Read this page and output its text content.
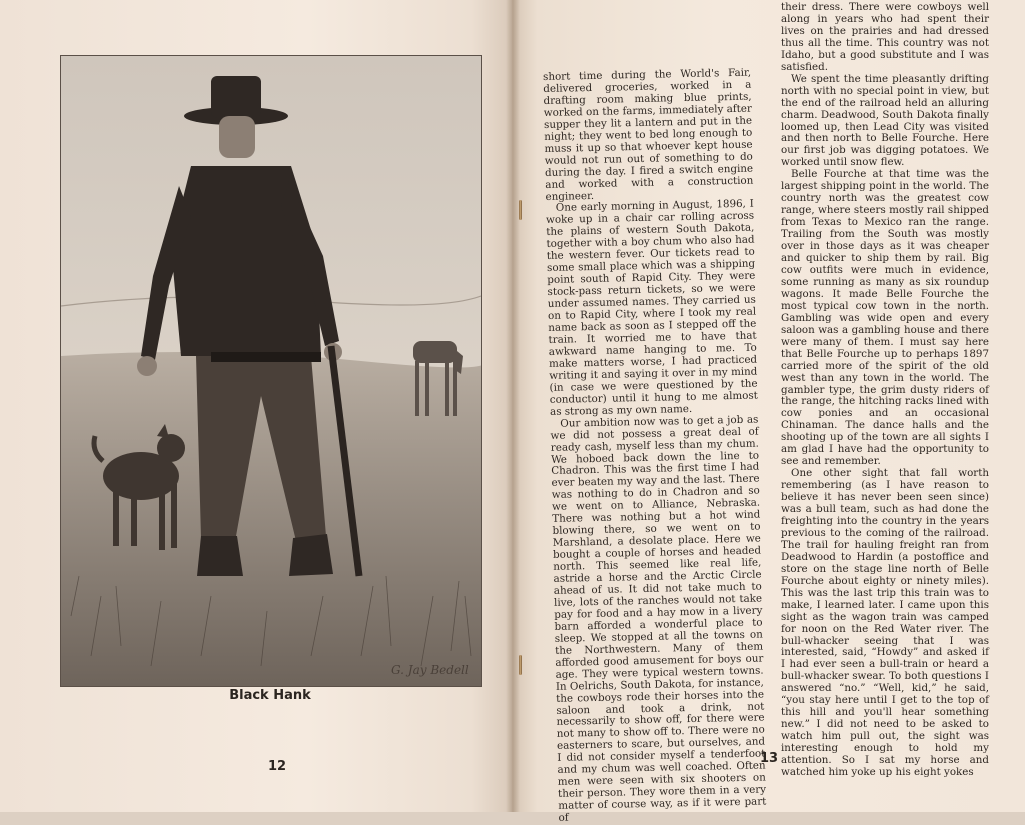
G. Jay Bedell
Black Hank
12

short time during the World's Fair, delivered groceries, worked in a drafting room making blue prints, worked on the farms, immediately after supper they lit a lantern and put in the night; they went to bed long enough to muss it up so that whoever kept house would not run out of something to do during the day. I fired a switch engine and worked with a construction engineer.

One early morning in August, 1896, I woke up in a chair car rolling across the plains of western South Dakota, together with a boy chum who also had the western fever. Our tickets read to some small place which was a shipping point south of Rapid City. They were stock-pass return tickets, so we were under assumed names. They carried us on to Rapid City, where I took my real name back as soon as I stepped off the train. It worried me to have that awkward name hanging to me. To make matters worse, I had practiced writing it and saying it over in my mind (in case we were questioned by the conductor) until it hung to me almost as strong as my own name.

Our ambition now was to get a job as we did not possess a great deal of ready cash, myself less than my chum. We hoboed back down the line to Chadron. This was the first time I had ever beaten my way and the last. There was nothing to do in Chadron and so we went on to Alliance, Nebraska. There was nothing but a hot wind blowing there, so we went on to Marshland, a desolate place. Here we bought a couple of horses and headed north. This seemed like real life, astride a horse and the Arctic Circle ahead of us. It did not take much to live, lots of the ranches would not take pay for food and a hay mow in a livery barn afforded a wonderful place to sleep. We stopped at all the towns on the Northwestern. Many of them afforded good amusement for boys our age. They were typical western towns. In Oelrichs, South Dakota, for instance, the cowboys rode their horses into the saloon and took a drink, not necessarily to show off, for there were not many to show off to. There were no easterners to scare, but ourselves, and I did not consider myself a tenderfoot and my chum was well coached. Often men were seen with six shooters on their person. They wore them in a very matter of course way, as if it were part of

their dress. There were cowboys well along in years who had spent their lives on the prairies and had dressed thus all the time. This country was not Idaho, but a good substitute and I was satisfied.

We spent the time pleasantly drifting north with no special point in view, but the end of the railroad held an alluring charm. Deadwood, South Dakota finally loomed up, then Lead City was visited and then north to Belle Fourche. Here our first job was digging potatoes. We worked until snow flew.

Belle Fourche at that time was the largest shipping point in the world. The country north was the greatest cow range, where steers mostly rail shipped from Texas to Mexico ran the range. Trailing from the South was mostly over in those days as it was cheaper and quicker to ship them by rail. Big cow outfits were much in evidence, some running as many as six roundup wagons. It made Belle Fourche the most typical cow town in the north. Gambling was wide open and every saloon was a gambling house and there were many of them. I must say here that Belle Fourche up to perhaps 1897 carried more of the spirit of the old west than any town in the world. The gambler type, the grim dusty riders of the range, the hitching racks lined with cow ponies and an occasional Chinaman. The dance halls and the shooting up of the town are all sights I am glad I have had the opportunity to see and remember.

One other sight that fall worth remembering (as I have reason to believe it has never been seen since) was a bull team, such as had done the freighting into the country in the years previous to the coming of the railroad. The trail for hauling freight ran from Deadwood to Hardin (a postoffice and store on the stage line north of Belle Fourche about eighty or ninety miles). This was the last trip this train was to make, I learned later. I came upon this sight as the wagon train was camped for noon on the Red Water river. The bull-whacker seeing that I was interested, said, “Howdy” and asked if I had ever seen a bull-train or heard a bull-whacker swear. To both questions I answered “no.” “Well, kid,” he said, “you stay here until I get to the top of this hill and you'll hear something new.” I did not need to be asked to watch him pull out, the sight was interesting enough to hold my attention. So I sat my horse and watched him yoke up his eight yokes

13
